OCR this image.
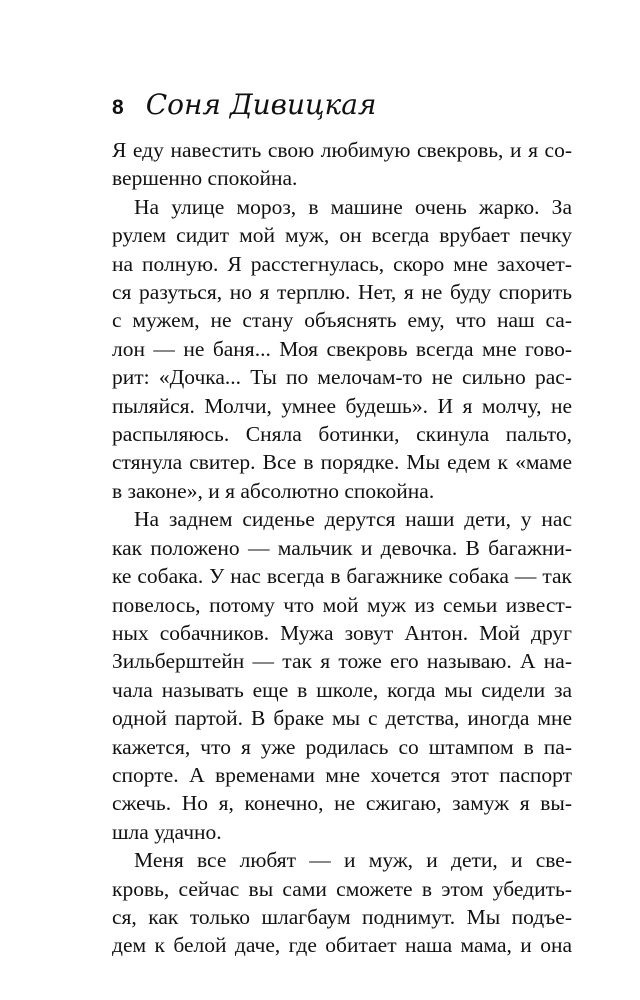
8 Соня Дивицкая
Я еду навестить свою любимую свекровь, и я со-
вершенно спокойна.
На улице мороз, в машине очень жарко. За
рулем сидит мой муж, он всегда врубает печку
на полную. Я расстегнулась, скоро мне захочет-
ся разуться, но я терплю. Нет, я не буду спорить
с мужем, не стану объяснять ему, что наш са-
лон — не баня... Моя свекровь всегда мне гово-
рит: «Дочка... Ты по мелочам-то не сильно рас-
пыляйся. Молчи, умнее будешь». И я молчу, не
распыляюсь. Сняла ботинки, скинула пальто,
стянула свитер. Все в порядке. Мы едем к «маме
в законе», и я абсолютно спокойна.
На заднем сиденье дерутся наши дети, у нас
как положено — мальчик и девочка. В багажни-
ке собака. У нас всегда в багажнике собака — так
повелось, потому что мой муж из семьи извест-
ных собачников. Мужа зовут Антон. Мой друг
Зильберштейн — так я тоже его называю. А на-
чала называть еще в школе, когда мы сидели за
одной партой. В браке мы с детства, иногда мне
кажется, что я уже родилась со штампом в па-
спорте. А временами мне хочется этот паспорт
сжечь. Но я, конечно, не сжигаю, замуж я вы-
шла удачно.
Меня все любят — и муж, и дети, и све-
кровь, сейчас вы сами сможете в этом убедить-
ся, как только шлагбаум поднимут. Мы подъе-
дем к белой даче, где обитает наша мама, и она
